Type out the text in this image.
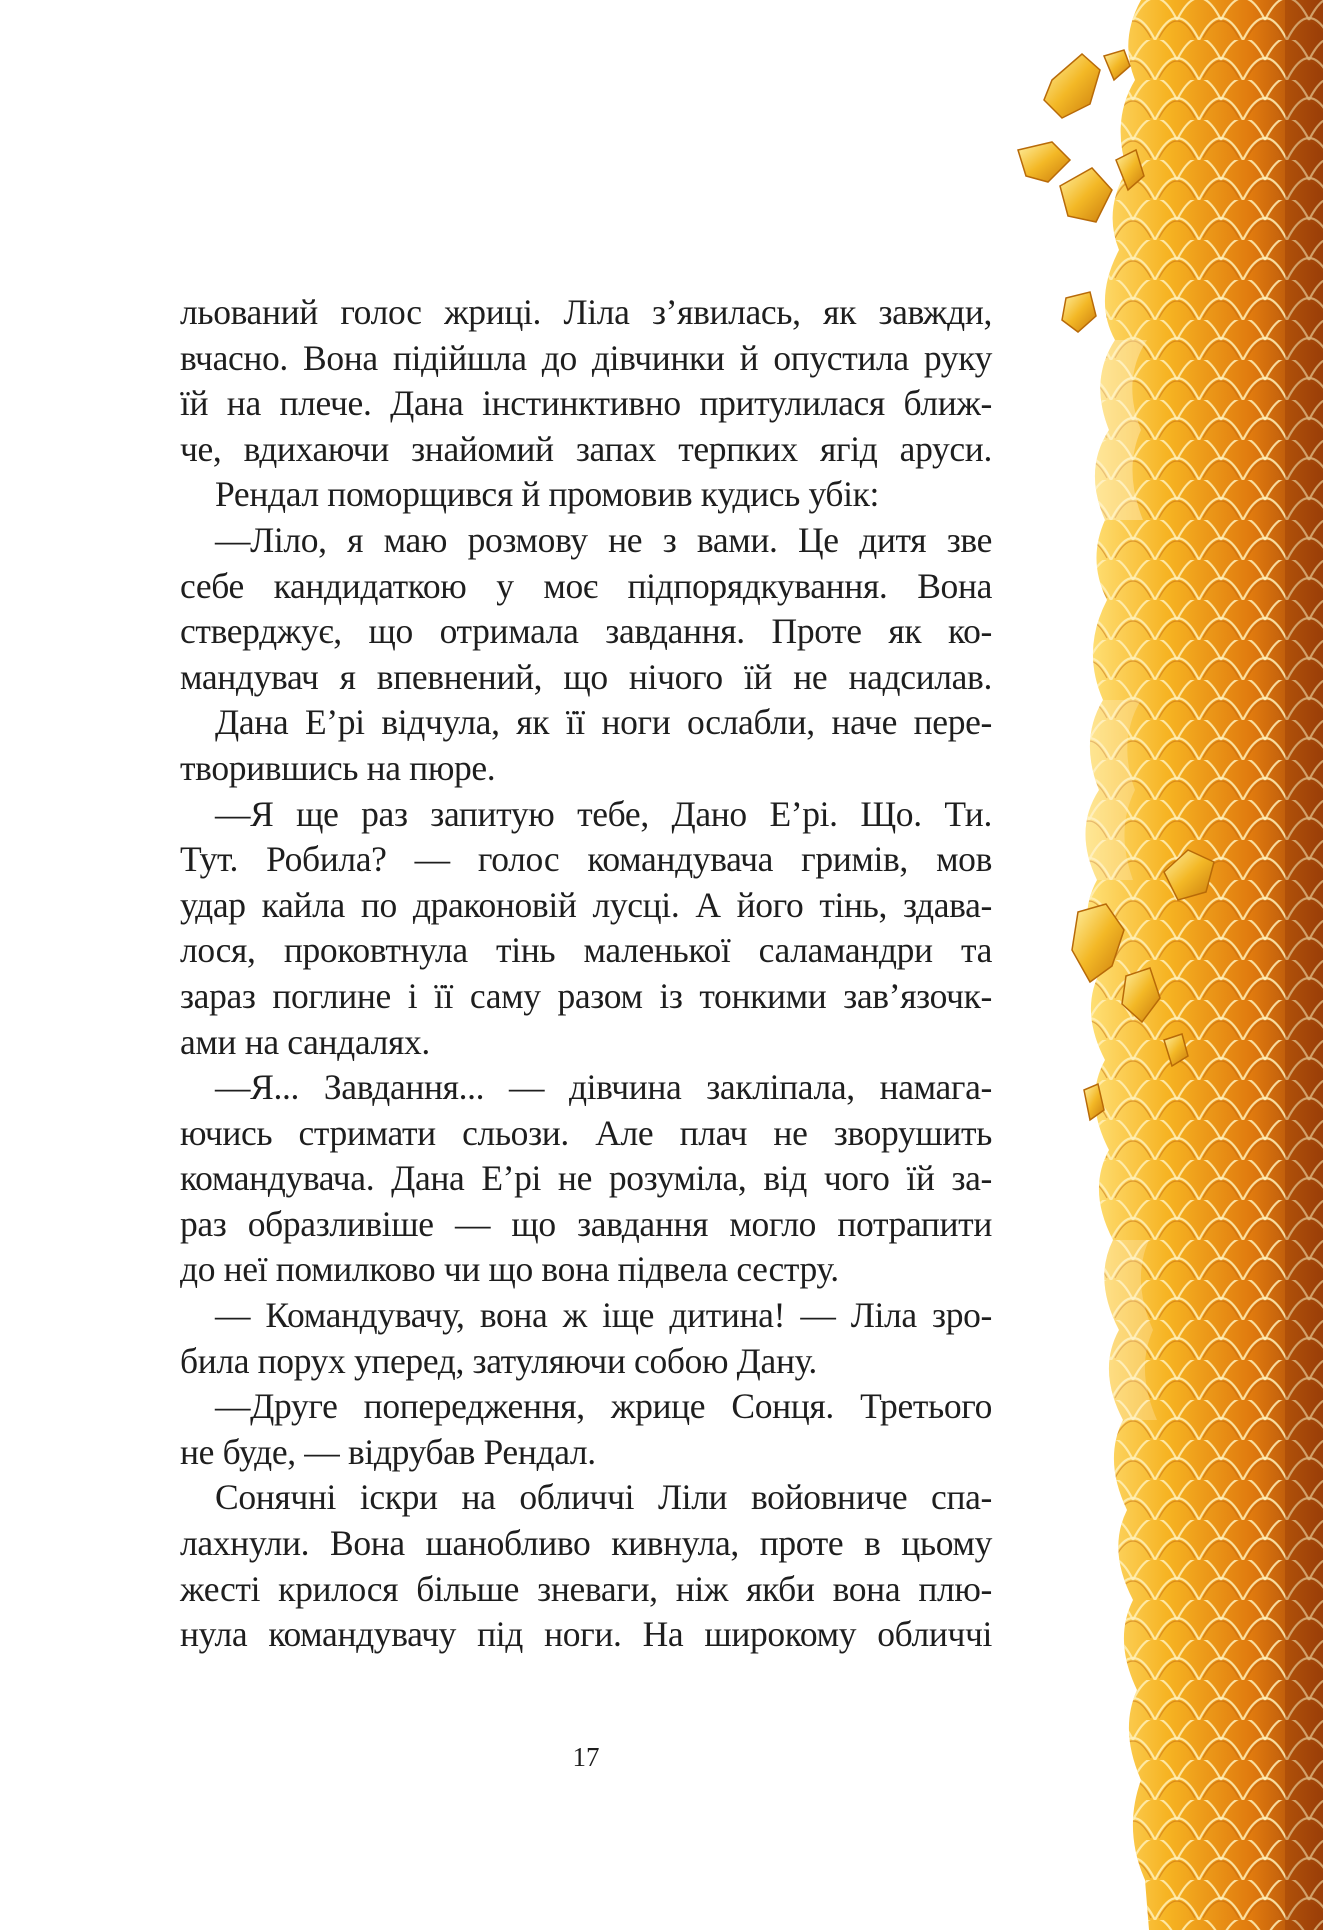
льований голос жриці. Ліла з’явилась, як завжди,
вчасно. Вона підійшла до дівчинки й опустила руку
їй на плече. Дана інстинктивно притулилася ближ-
че, вдихаючи знайомий запах терпких ягід аруси.
Рендал поморщився й промовив кудись убік:
—Ліло, я маю розмову не з вами. Це дитя зве
себе кандидаткою у моє підпорядкування. Вона
стверджує, що отримала завдання. Проте як ко-
мандувач я впевнений, що нічого їй не надсилав.
Дана Е’рі відчула, як її ноги ослабли, наче пере-
творившись на пюре.
—Я ще раз запитую тебе, Дано Е’рі. Що. Ти.
Тут. Робила? — голос командувача гримів, мов
удар кайла по драконовій лусці. А його тінь, здава-
лося, проковтнула тінь маленької саламандри та
зараз поглине і її саму разом із тонкими зав’язочк-
ами на сандалях.
—Я... Завдання... — дівчина закліпала, намага-
ючись стримати сльози. Але плач не зворушить
командувача. Дана Е’рі не розуміла, від чого їй за-
раз образливіше — що завдання могло потрапити
до неї помилково чи що вона підвела сестру.
— Командувачу, вона ж іще дитина! — Ліла зро-
била порух уперед, затуляючи собою Дану.
—Друге попередження, жрице Сонця. Третього
не буде, — відрубав Рендал.
Сонячні іскри на обличчі Ліли войовниче спа-
лахнули. Вона шанобливо кивнула, проте в цьому
жесті крилося більше зневаги, ніж якби вона плю-
нула командувачу під ноги. На широкому обличчі
17
